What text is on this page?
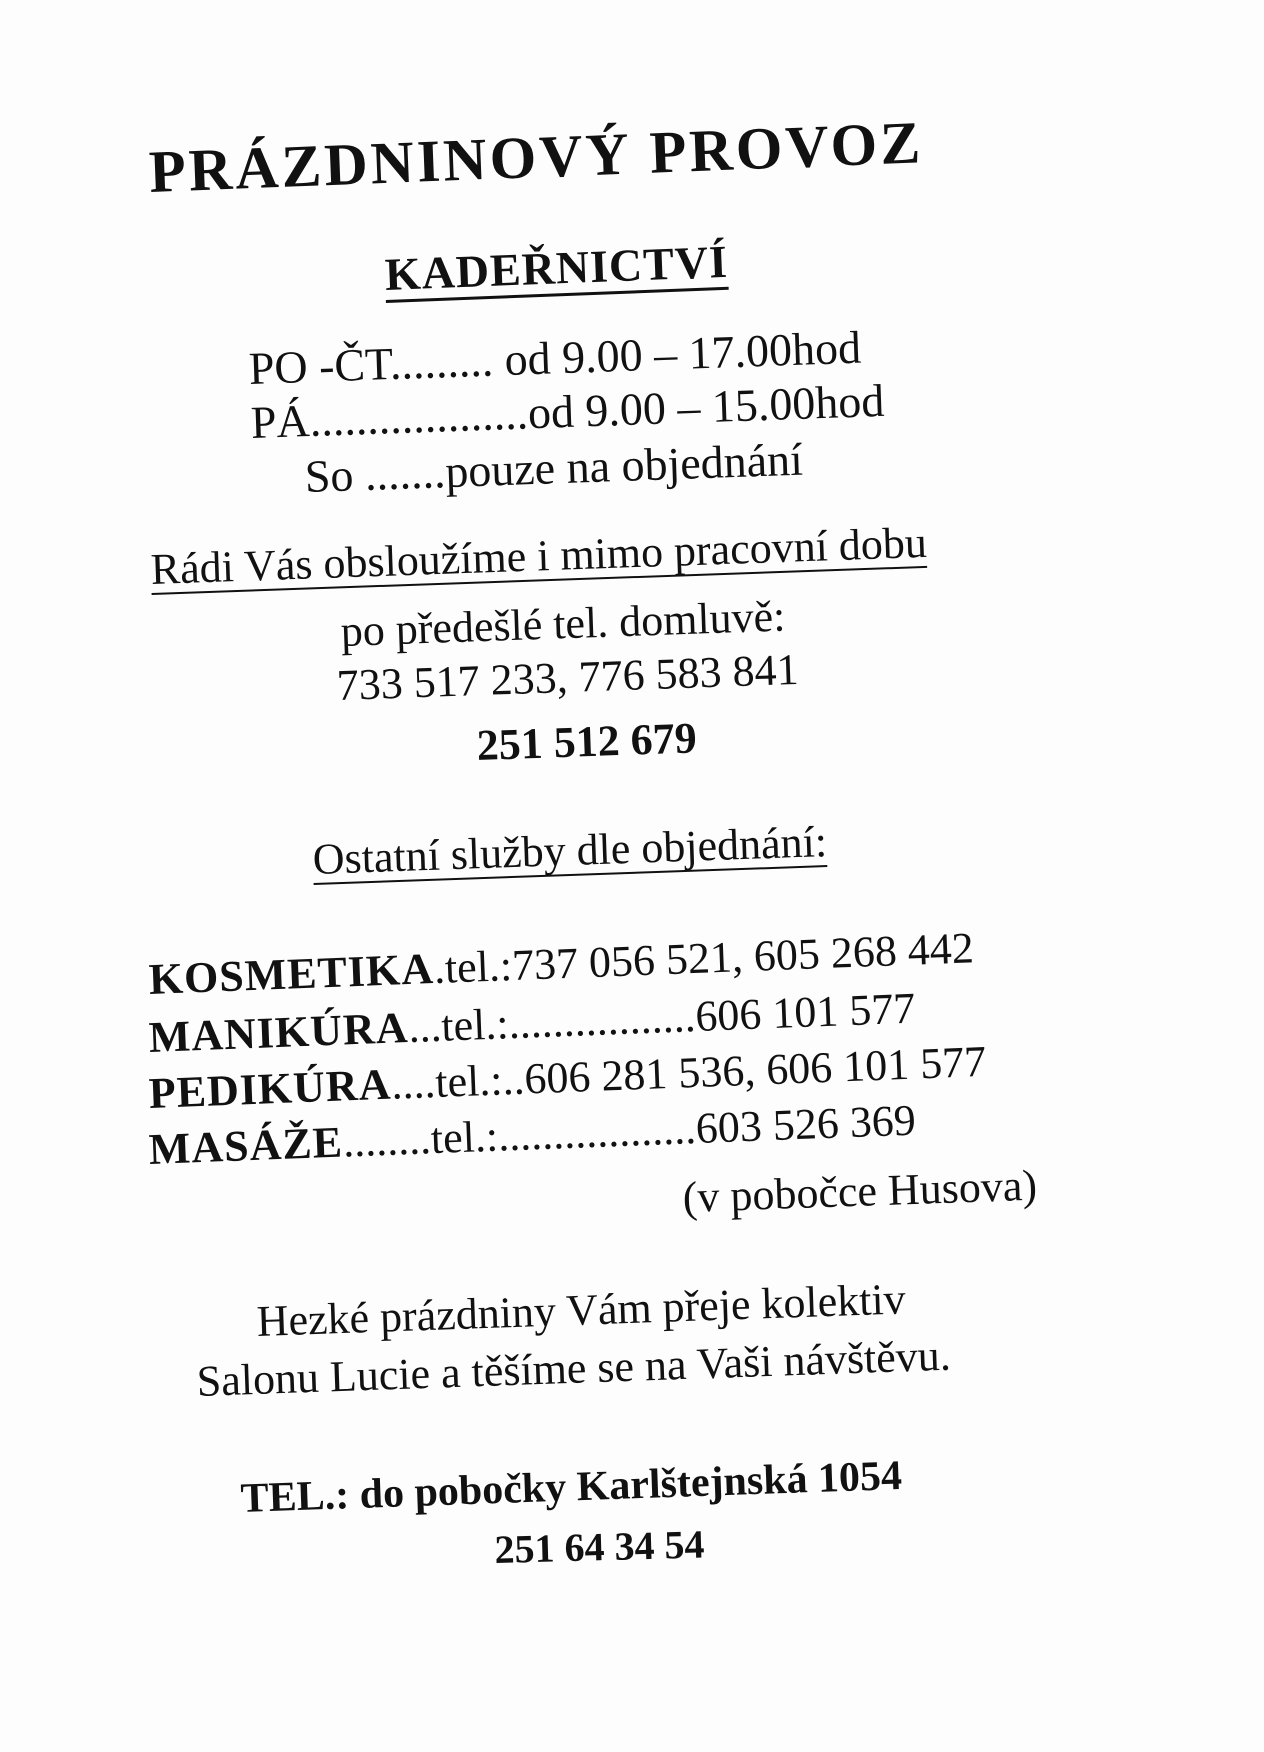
PRÁZDNINOVÝ PROVOZ
KADEŘNICTVÍ
PO -ČT......... od 9.00 – 17.00hod
PÁ...................od 9.00 – 15.00hod
So .......pouze na objednání
Rádi Vás obsloužíme i mimo pracovní dobu
po předešlé tel. domluvě:
733 517 233, 776 583 841
251 512 679
Ostatní služby dle objednání:
KOSMETIKA.tel.:737 056 521, 605 268 442
MANIKÚRA...tel.:.................606 101 577
PEDIKÚRA....tel.:..606 281 536, 606 101 577
MASÁŽE........tel.:..................603 526 369
(v pobočce Husova)
Hezké prázdniny Vám přeje kolektiv
Salonu Lucie a těšíme se na Vaši návštěvu.
TEL.: do pobočky Karlštejnská 1054
251 64 34 54
